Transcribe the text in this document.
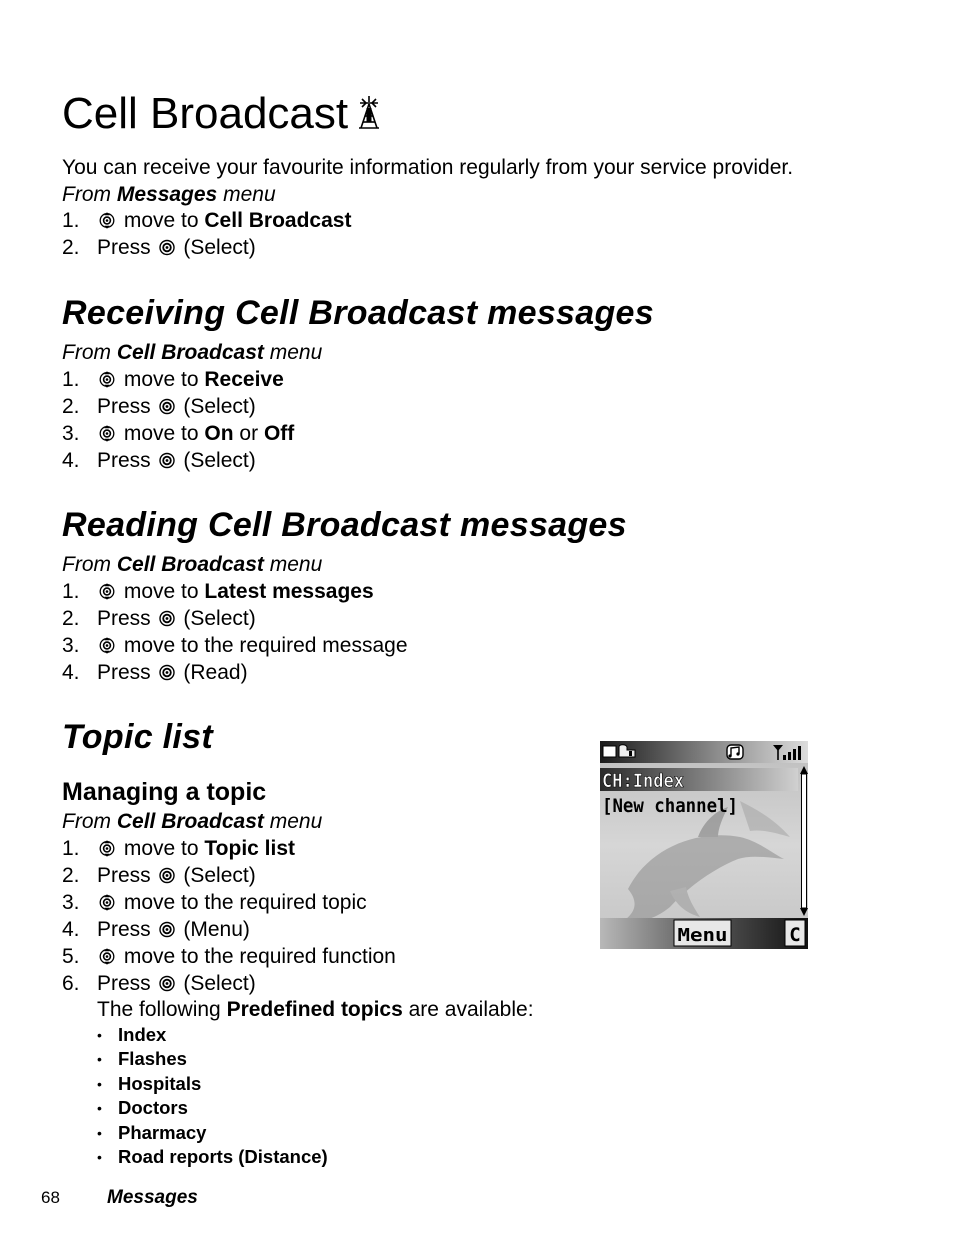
Cell Broadcast

You can receive your favourite information regularly from your service provider.

From Messages menu
1. move to Cell Broadcast
2. Press (Select)
Receiving Cell Broadcast messages
From Cell Broadcast menu
1. move to Receive
2. Press (Select)
3. move to On or Off
4. Press (Select)
Reading Cell Broadcast messages
From Cell Broadcast menu
1. move to Latest messages
2. Press (Select)
3. move to the required message
4. Press (Read)
Topic list
Managing a topic
From Cell Broadcast menu
1. move to Topic list
2. Press (Select)
3. move to the required topic
4. Press (Menu)
5. move to the required function
6. Press (Select)
The following Predefined topics are available:
• Index
• Flashes
• Hospitals
• Doctors
• Pharmacy
• Road reports (Distance)
CH:Index
[New channel]
Menu	C
68 Messages
